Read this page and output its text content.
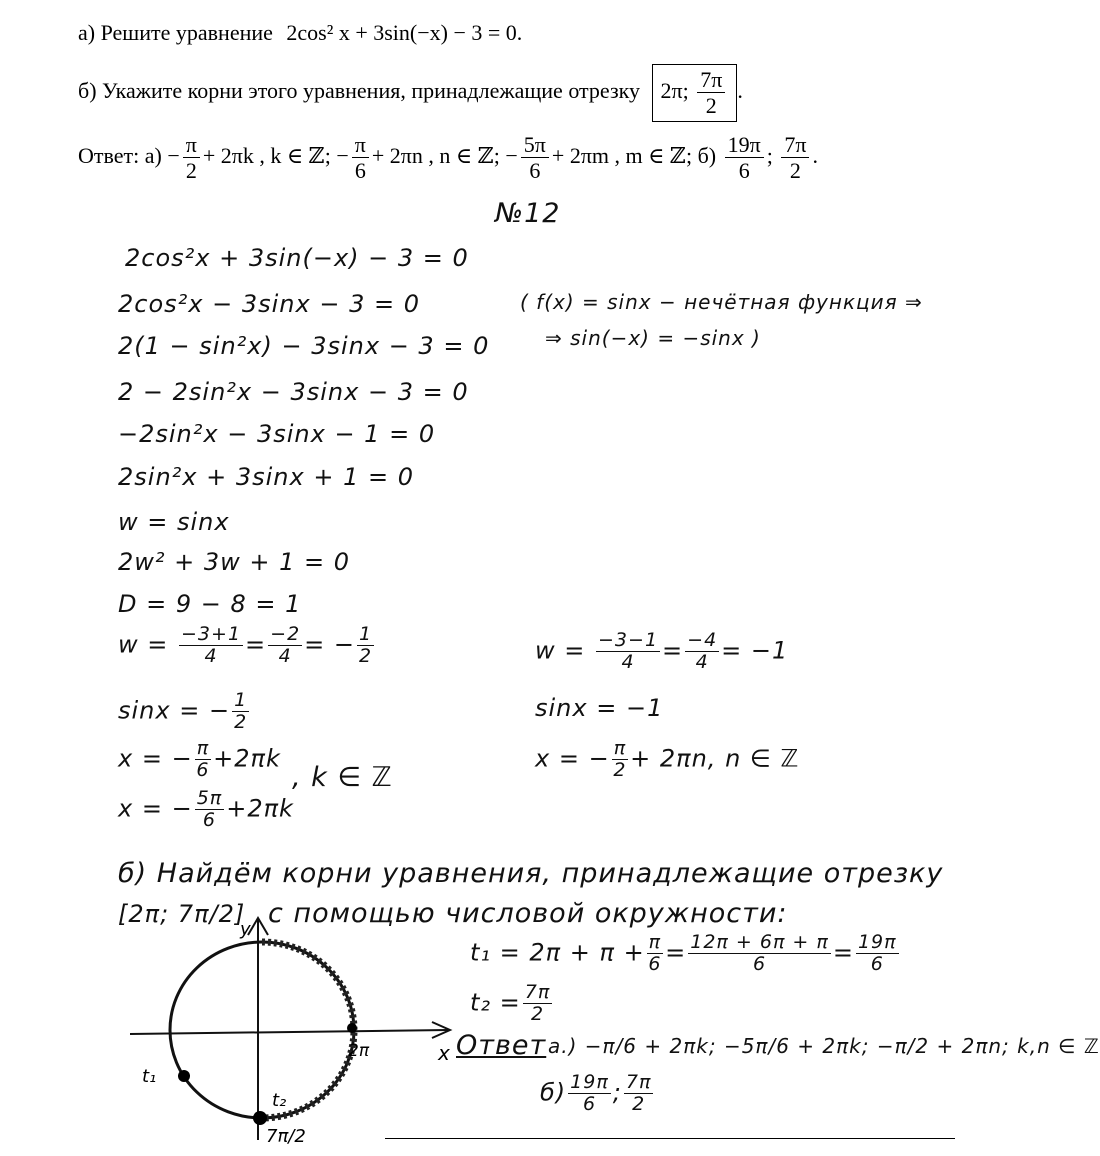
а) Решите уравнение 2cos² x + 3sin(−x) − 3 = 0.
б) Укажите корни этого уравнения, принадлежащие отрезку 2π; $\frac{7\pi}{2}$ .
Ответ: $а) - \frac{\pi}{2} + 2\pi k$ , k ∈ ℤ; − $\frac{\pi}{6} + 2\pi n$ , n ∈ ℤ; − $\frac{5\pi}{6} + 2\pi m$ , m ∈ ℤ; $б) \frac{19\pi}{6}$ ; $\frac{7\pi}{2}$ .
№12
2cos²x + 3sin(−x) − 3 = 0
2cos²x − 3sinx − 3 = 0
2(1 − sin²x) − 3sinx − 3 = 0
2 − 2sin²x − 3sinx − 3 = 0
−2sin²x − 3sinx − 1 = 0
2sin²x + 3sinx + 1 = 0
w = sinx
2w² + 3w + 1 = 0
D = 9 − 8 = 1
( f(x) = sinx − нечётная функция ⇒
⇒ sin(−x) = −sinx )
$w = \frac{-3+1}{4} = \frac{-2}{4}$ = − $\frac{1}{2}$	$w = \frac{-3-1}{4} = \frac{-4}{4} = -1$
sinx = − $\frac{1}{2}$	sinx = −1
x = − $\frac{\pi}{6} +2\pi k$
x = − $\frac{5\pi}{6} +2\pi k$
, k ∈ ℤ
x = − $\frac{\pi}{2} + 2\pi n$, n ∈ ℤ
б) Найдём корни уравнения, принадлежащие отрезку
[2π; 7π/2] с помощью числовой окружности:
$t_1 = 2\pi + \pi + \frac{\pi}{6} = \frac{12\pi + 6\pi + \pi}{6} = \frac{19\pi}{6}$
$t_2 = \frac{7\pi}{2}$
Ответ а.) −π/6 + 2πk; −5π/6 + 2πk; −π/2 + 2πn; k,n ∈ ℤ
$б) \frac{19\pi}{6}$ ; $\frac{7\pi}{2}$
y
x
2π
t₁
t₂
7π/2
